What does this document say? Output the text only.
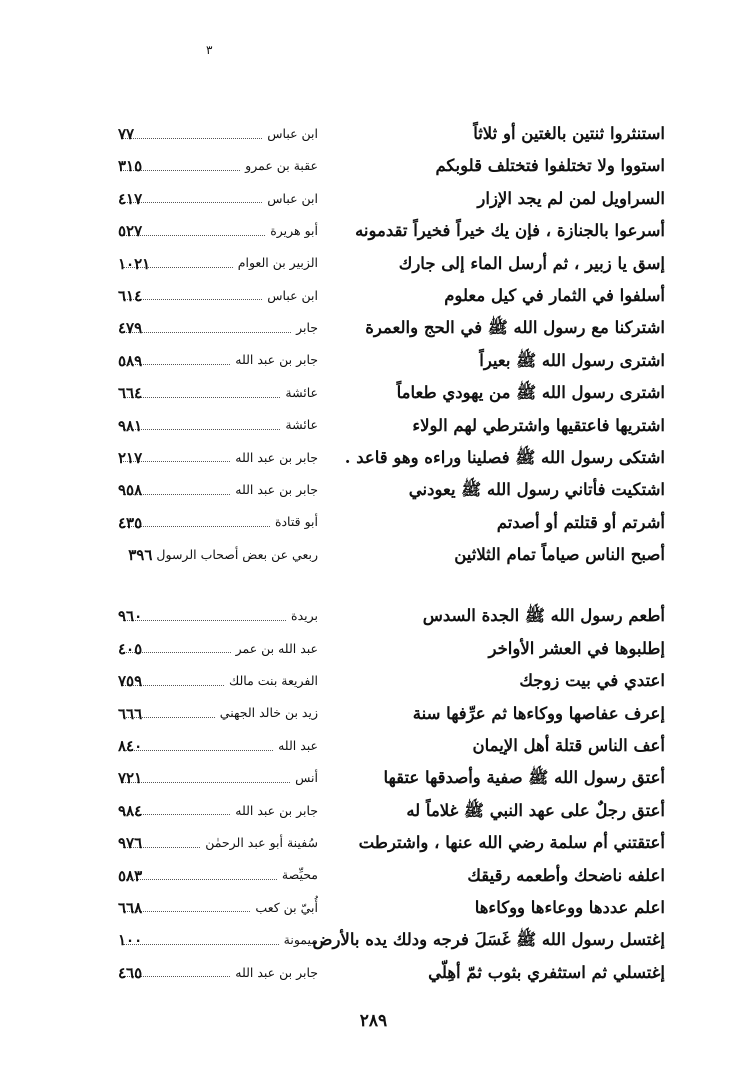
٣
استنثروا ثنتين بالغتين أو ثلاثاً
ابن عباس
٧٧
استووا ولا تختلفوا فتختلف قلوبكم
عقبة بن عمرو
٣١٥
السراويل لمن لم يجد الإزار
ابن عباس
٤١٧
أسرعوا بالجنازة ، فإن يك خيراً فخيراً تقدمونه
أبو هريرة
٥٢٧
إسق يا زبير ، ثم أرسل الماء إلى جارك
الزبير بن العوام
١٠٢١
أسلفوا في الثمار في كيل معلوم
ابن عباس
٦١٤
اشتركنا مع رسول الله ﷺ في الحج والعمرة
جابر
٤٧٩
اشترى رسول الله ﷺ بعيراً
جابر بن عبد الله
٥٨٩
اشترى رسول الله ﷺ من يهودي طعاماً
عائشة
٦٦٤
اشتريها فاعتقيها واشترطي لهم الولاء
عائشة
٩٨١
اشتكى رسول الله ﷺ فصلينا وراءه وهو قاعد .
جابر بن عبد الله
٢١٧
اشتكيت فأتاني رسول الله ﷺ يعودني
جابر بن عبد الله
٩٥٨
أشرتم أو قتلتم أو أصدتم
أبو قتادة
٤٣٥
أصبح الناس صياماً تمام الثلاثين
ربعي عن بعض أصحاب الرسول
٣٩٦
أطعم رسول الله ﷺ الجدة السدس
بريدة
٩٦٠
إطلبوها في العشر الأواخر
عبد الله بن عمر
٤٠٥
اعتدي في بيت زوجك
الفريعة بنت مالك
٧٥٩
إعرف عفاصها ووكاءها ثم عرِّفها سنة
زيد بن خالد الجهني
٦٦٦
أعف الناس قتلة أهل الإيمان
عبد الله
٨٤٠
أعتق رسول الله ﷺ صفية وأصدقها عتقها
أنس
٧٢١
أعتق رجلٌ على عهد النبي ﷺ غلاماً له
جابر بن عبد الله
٩٨٤
أعتقتني أم سلمة رضي الله عنها ، واشترطت
سُفينة أبو عبد الرحمٰن
٩٧٦
اعلفه ناضحك وأطعمه رقيقك
محيِّصة
٥٨٣
اعلم عددها ووعاءها ووكاءها
أُبيّ بن كعب
٦٦٨
إغتسل رسول الله ﷺ غَسَلَ فرجه ودلك يده بالأرض
ميمونة
١٠٠
إغتسلي ثم استثفري بثوب ثمّ أهِلّي
جابر بن عبد الله
٤٦٥
٢٨٩
